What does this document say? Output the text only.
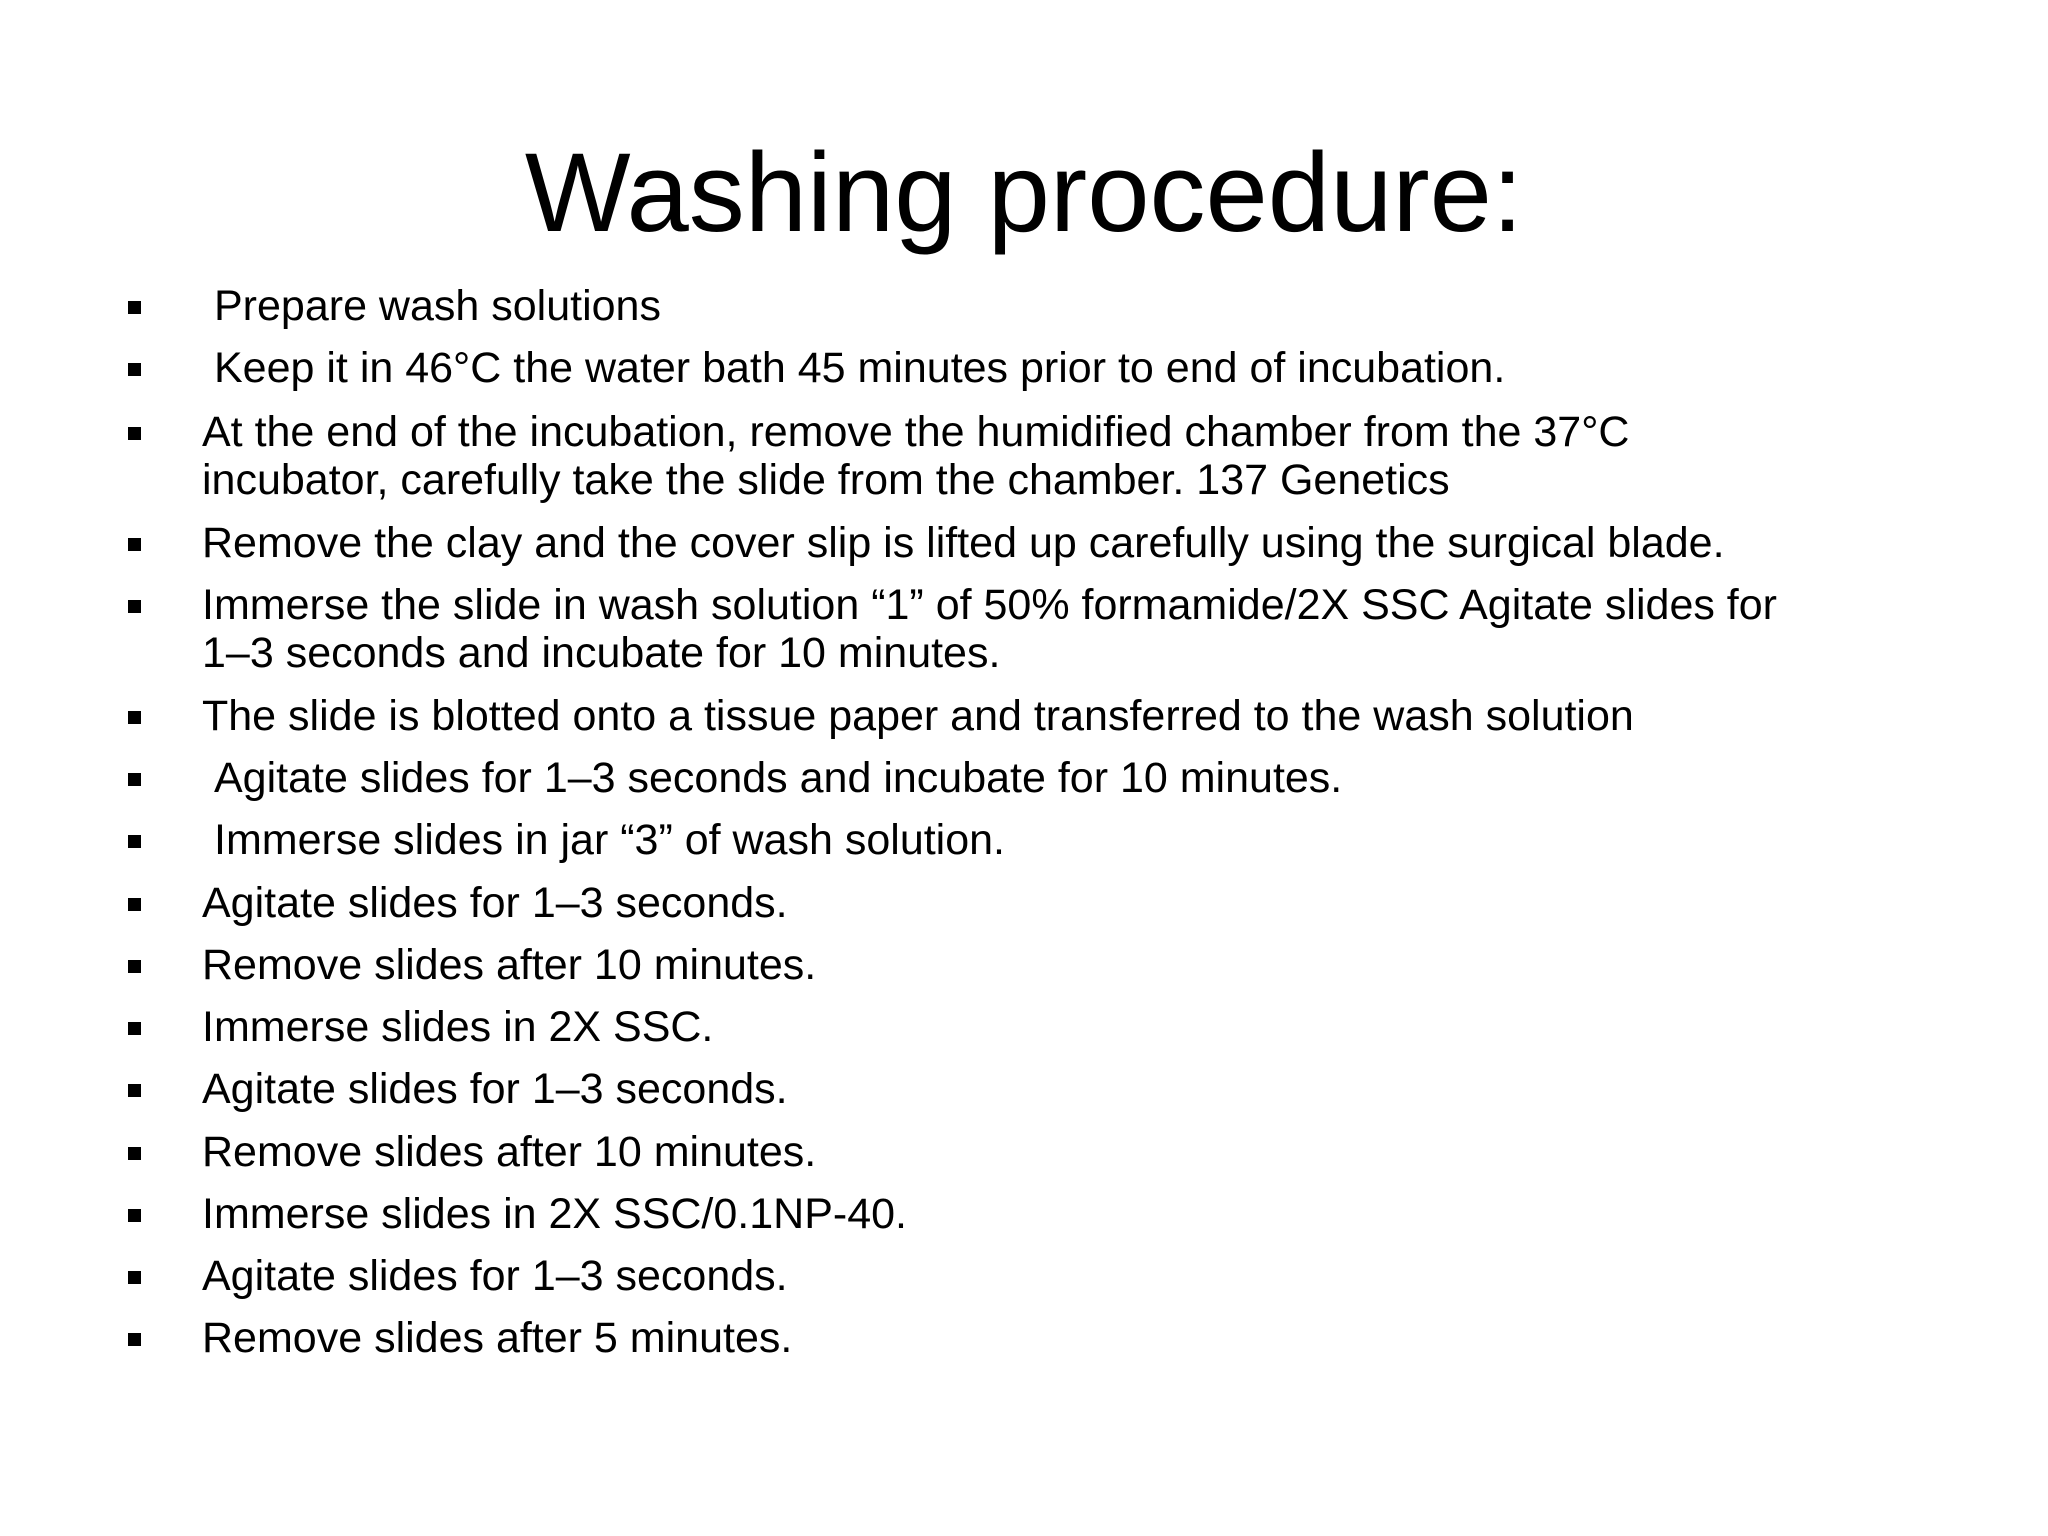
Washing procedure:
Prepare wash solutions
Keep it in 46°C the water bath 45 minutes prior to end of incubation.
At the end of the incubation, remove the humidified chamber from the 37°C
incubator, carefully take the slide from the chamber. 137 Genetics
Remove the clay and the cover slip is lifted up carefully using the surgical blade.
Immerse the slide in wash solution “1” of 50% formamide/2X SSC Agitate slides for
1–3 seconds and incubate for 10 minutes.
The slide is blotted onto a tissue paper and transferred to the wash solution
Agitate slides for 1–3 seconds and incubate for 10 minutes.
Immerse slides in jar “3” of wash solution.
Agitate slides for 1–3 seconds.
Remove slides after 10 minutes.
Immerse slides in 2X SSC.
Agitate slides for 1–3 seconds.
Remove slides after 10 minutes.
Immerse slides in 2X SSC/0.1NP-40.
Agitate slides for 1–3 seconds.
Remove slides after 5 minutes.
